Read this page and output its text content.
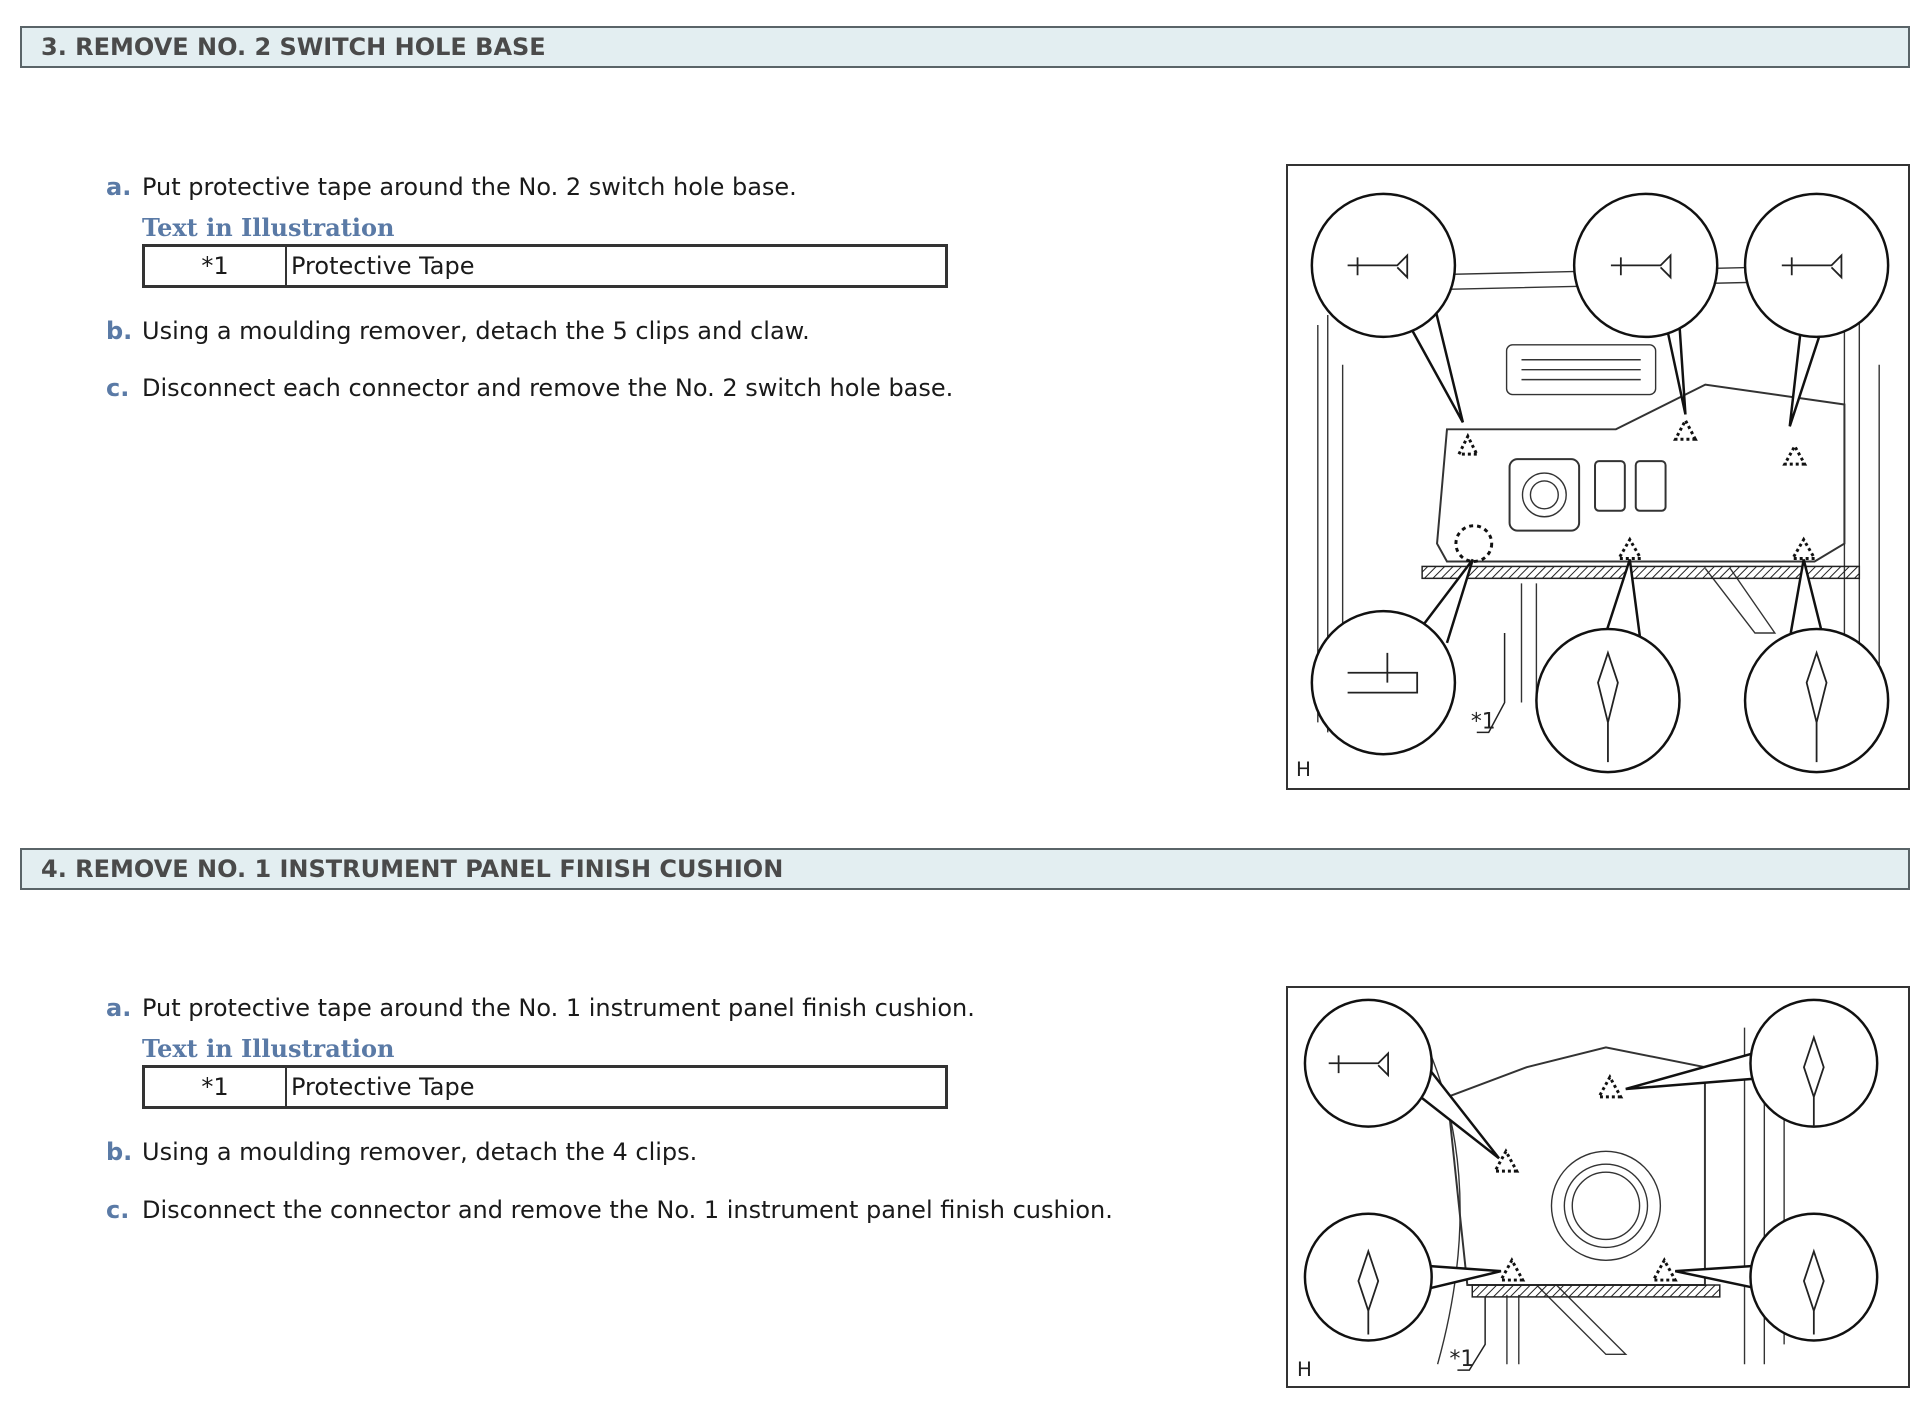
3. REMOVE NO. 2 SWITCH HOLE BASE
a. Put protective tape around the No. 2 switch hole base.
Text in Illustration
*1	Protective Tape
b. Using a moulding remover, detach the 5 clips and claw.
c. Disconnect each connector and remove the No. 2 switch hole base.
*1
H
4. REMOVE NO. 1 INSTRUMENT PANEL FINISH CUSHION
a. Put protective tape around the No. 1 instrument panel finish cushion.
Text in Illustration
*1	Protective Tape
b. Using a moulding remover, detach the 4 clips.
c. Disconnect the connector and remove the No. 1 instrument panel finish cushion.
*1
H
